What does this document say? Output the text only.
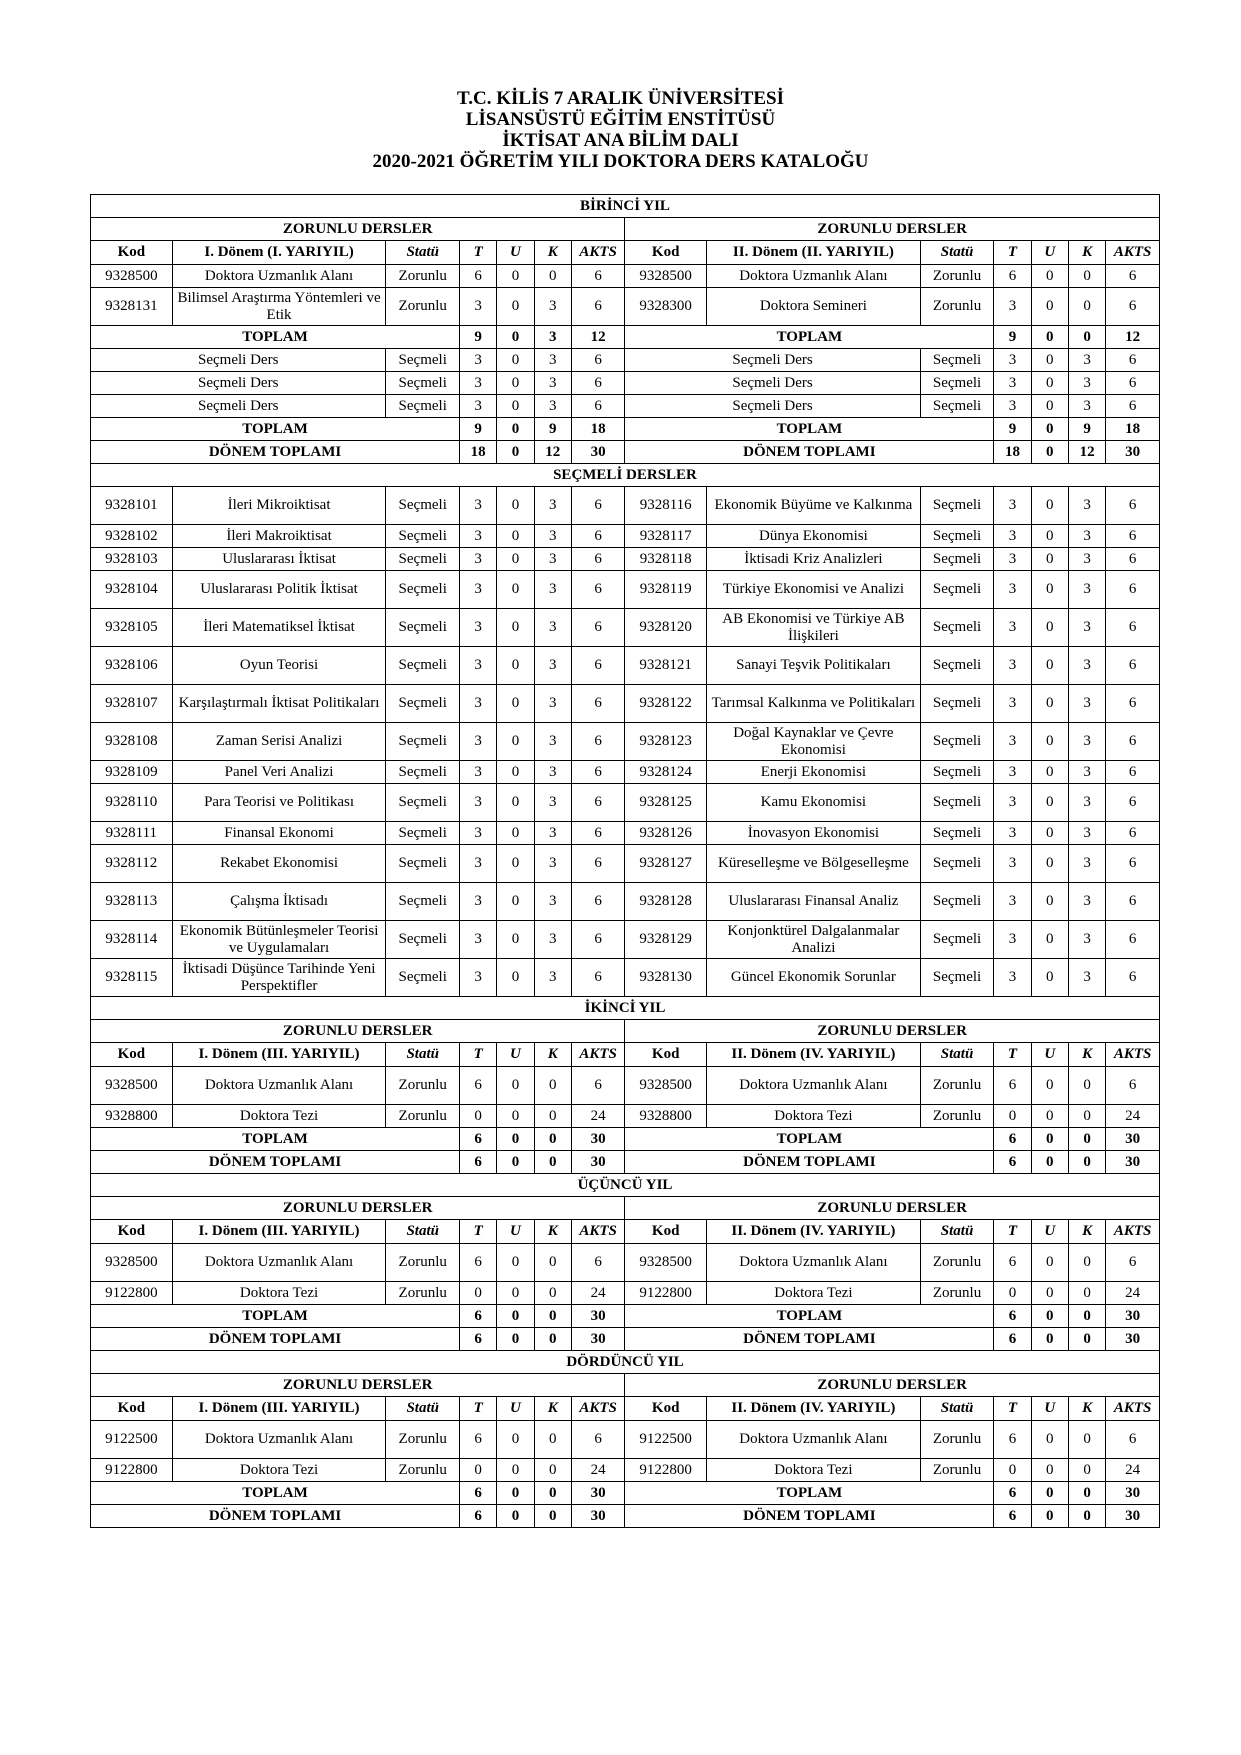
T.C. KİLİS 7 ARALIK ÜNİVERSİTESİ
LİSANSÜSTÜ EĞİTİM ENSTİTÜSÜ
İKTİSAT ANA BİLİM DALI
2020-2021 ÖĞRETİM YILI DOKTORA DERS KATALOĞU
BİRİNCİ YIL													
ZORUNLU DERSLER							ZORUNLU DERSLER						
Kod	I. Dönem (I. YARIYIL)	Statü	T	U	K	AKTS	Kod	II. Dönem (II. YARIYIL)	Statü	T	U	K	AKTS
9328500	Doktora Uzmanlık Alanı	Zorunlu	6	0	0	6	9328500	Doktora Uzmanlık Alanı	Zorunlu	6	0	0	6
9328131	Bilimsel Araştırma Yöntemleri ve Etik	Zorunlu	3	0	3	6	9328300	Doktora Semineri	Zorunlu	3	0	0	6
TOPLAM			9	0	3	12	TOPLAM			9	0	0	12
Seçmeli Ders		Seçmeli	3	0	3	6	Seçmeli Ders		Seçmeli	3	0	3	6
Seçmeli Ders		Seçmeli	3	0	3	6	Seçmeli Ders		Seçmeli	3	0	3	6
Seçmeli Ders		Seçmeli	3	0	3	6	Seçmeli Ders		Seçmeli	3	0	3	6
TOPLAM			9	0	9	18	TOPLAM			9	0	9	18
DÖNEM TOPLAMI			18	0	12	30	DÖNEM TOPLAMI			18	0	12	30
SEÇMELİ DERSLER													
9328101	İleri Mikroiktisat	Seçmeli	3	0	3	6	9328116	Ekonomik Büyüme ve Kalkınma	Seçmeli	3	0	3	6
9328102	İleri Makroiktisat	Seçmeli	3	0	3	6	9328117	Dünya Ekonomisi	Seçmeli	3	0	3	6
9328103	Uluslararası İktisat	Seçmeli	3	0	3	6	9328118	İktisadi Kriz Analizleri	Seçmeli	3	0	3	6
9328104	Uluslararası Politik İktisat	Seçmeli	3	0	3	6	9328119	Türkiye Ekonomisi ve Analizi	Seçmeli	3	0	3	6
9328105	İleri Matematiksel İktisat	Seçmeli	3	0	3	6	9328120	AB Ekonomisi ve Türkiye AB İlişkileri	Seçmeli	3	0	3	6
9328106	Oyun Teorisi	Seçmeli	3	0	3	6	9328121	Sanayi Teşvik Politikaları	Seçmeli	3	0	3	6
9328107	Karşılaştırmalı İktisat Politikaları	Seçmeli	3	0	3	6	9328122	Tarımsal Kalkınma ve Politikaları	Seçmeli	3	0	3	6
9328108	Zaman Serisi Analizi	Seçmeli	3	0	3	6	9328123	Doğal Kaynaklar ve Çevre Ekonomisi	Seçmeli	3	0	3	6
9328109	Panel Veri Analizi	Seçmeli	3	0	3	6	9328124	Enerji Ekonomisi	Seçmeli	3	0	3	6
9328110	Para Teorisi ve Politikası	Seçmeli	3	0	3	6	9328125	Kamu Ekonomisi	Seçmeli	3	0	3	6
9328111	Finansal Ekonomi	Seçmeli	3	0	3	6	9328126	İnovasyon Ekonomisi	Seçmeli	3	0	3	6
9328112	Rekabet Ekonomisi	Seçmeli	3	0	3	6	9328127	Küreselleşme ve Bölgeselleşme	Seçmeli	3	0	3	6
9328113	Çalışma İktisadı	Seçmeli	3	0	3	6	9328128	Uluslararası Finansal Analiz	Seçmeli	3	0	3	6
9328114	Ekonomik Bütünleşmeler Teorisi ve Uygulamaları	Seçmeli	3	0	3	6	9328129	Konjonktürel Dalgalanmalar Analizi	Seçmeli	3	0	3	6
9328115	İktisadi Düşünce Tarihinde Yeni Perspektifler	Seçmeli	3	0	3	6	9328130	Güncel Ekonomik Sorunlar	Seçmeli	3	0	3	6
İKİNCİ YIL													
ZORUNLU DERSLER							ZORUNLU DERSLER						
Kod	I. Dönem (III. YARIYIL)	Statü	T	U	K	AKTS	Kod	II. Dönem (IV. YARIYIL)	Statü	T	U	K	AKTS
9328500	Doktora Uzmanlık Alanı	Zorunlu	6	0	0	6	9328500	Doktora Uzmanlık Alanı	Zorunlu	6	0	0	6
9328800	Doktora Tezi	Zorunlu	0	0	0	24	9328800	Doktora Tezi	Zorunlu	0	0	0	24
TOPLAM			6	0	0	30	TOPLAM			6	0	0	30
DÖNEM TOPLAMI			6	0	0	30	DÖNEM TOPLAMI			6	0	0	30
ÜÇÜNCÜ YIL													
ZORUNLU DERSLER							ZORUNLU DERSLER						
Kod	I. Dönem (III. YARIYIL)	Statü	T	U	K	AKTS	Kod	II. Dönem (IV. YARIYIL)	Statü	T	U	K	AKTS
9328500	Doktora Uzmanlık Alanı	Zorunlu	6	0	0	6	9328500	Doktora Uzmanlık Alanı	Zorunlu	6	0	0	6
9122800	Doktora Tezi	Zorunlu	0	0	0	24	9122800	Doktora Tezi	Zorunlu	0	0	0	24
TOPLAM			6	0	0	30	TOPLAM			6	0	0	30
DÖNEM TOPLAMI			6	0	0	30	DÖNEM TOPLAMI			6	0	0	30
DÖRDÜNCÜ YIL													
ZORUNLU DERSLER							ZORUNLU DERSLER						
Kod	I. Dönem (III. YARIYIL)	Statü	T	U	K	AKTS	Kod	II. Dönem (IV. YARIYIL)	Statü	T	U	K	AKTS
9122500	Doktora Uzmanlık Alanı	Zorunlu	6	0	0	6	9122500	Doktora Uzmanlık Alanı	Zorunlu	6	0	0	6
9122800	Doktora Tezi	Zorunlu	0	0	0	24	9122800	Doktora Tezi	Zorunlu	0	0	0	24
TOPLAM			6	0	0	30	TOPLAM			6	0	0	30
DÖNEM TOPLAMI			6	0	0	30	DÖNEM TOPLAMI			6	0	0	30
